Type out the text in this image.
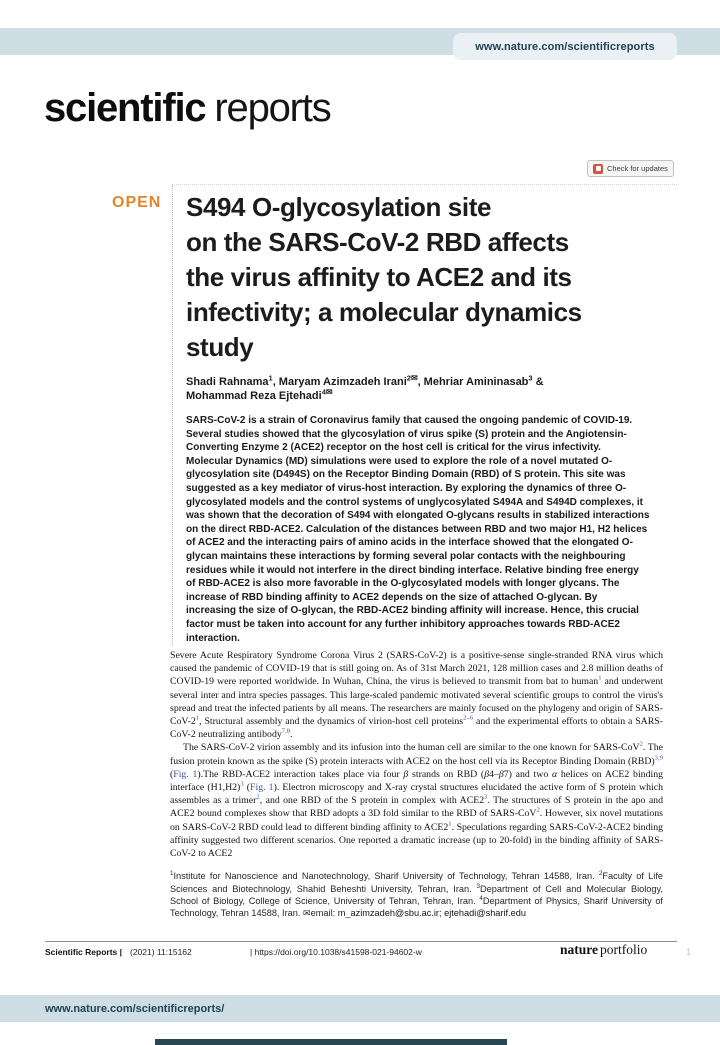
www.nature.com/scientificreports
scientific reports
Check for updates
OPEN S494 O-glycosylation site
on the SARS-CoV-2 RBD affects
the virus affinity to ACE2 and its
infectivity; a molecular dynamics
study
Shadi Rahnama$^1$, Maryam Azimzadeh Irani$^{2✉}$, Mehriar Amininasab$^3$ &
Mohammad Reza Ejtehadi$^{4✉}$
SARS-CoV-2 is a strain of Coronavirus family that caused the ongoing pandemic of COVID-19. Several studies showed that the glycosylation of virus spike (S) protein and the Angiotensin-Converting Enzyme 2 (ACE2) receptor on the host cell is critical for the virus infectivity. Molecular Dynamics (MD) simulations were used to explore the role of a novel mutated O-glycosylation site (D494S) on the Receptor Binding Domain (RBD) of S protein. This site was suggested as a key mediator of virus-host interaction. By exploring the dynamics of three O-glycosylated models and the control systems of unglycosylated S494A and S494D complexes, it was shown that the decoration of S494 with elongated O-glycans results in stabilized interactions on the direct RBD-ACE2. Calculation of the distances between RBD and two major H1, H2 helices of ACE2 and the interacting pairs of amino acids in the interface showed that the elongated O-glycan maintains these interactions by forming several polar contacts with the neighbouring residues while it would not interfere in the direct binding interface. Relative binding free energy of RBD-ACE2 is also more favorable in the O-glycosylated models with longer glycans. The increase of RBD binding affinity to ACE2 depends on the size of attached O-glycan. By increasing the size of O-glycan, the RBD-ACE2 binding affinity will increase. Hence, this crucial factor must be taken into account for any further inhibitory approaches towards RBD-ACE2 interaction.

Severe Acute Respiratory Syndrome Corona Virus 2 (SARS-CoV-2) is a positive-sense single-stranded RNA virus which caused the pandemic of COVID-19 that is still going on. As of 31st March 2021, 128 million cases and 2.8 million deaths of COVID-19 were reported worldwide. In Wuhan, China, the virus is believed to transmit from bat to human$^1$ and underwent several inter and intra species passages. This large-scaled pandemic motivated several scientific groups to control the virus's spread and treat the infected patients by all means. The researchers are mainly focused on the phylogeny and origin of SARS-$CoV-2^1$, Structural assembly and the dynamics of virion-host cell proteins$^{2-6}$ and the experimental efforts to obtain a SARS-CoV-2 neutralizing antibody$^{7,8}$.

The SARS-CoV-2 virion assembly and its infusion into the human cell are similar to the one known for SARS-CoV$^2$. The fusion protein known as the spike (S) protein interacts with ACE2 on the host cell via its Receptor Binding Domain (RBD)$^{3,9}$ (Fig. 1).The RBD-ACE2 interaction takes place via four β strands on RBD (β4–β7) and two α helices on ACE2 binding interface $(H1,H2)^3$ (Fig. 1). Electron microscopy and X-ray crystal structures elucidated the active form of S protein which assembles as a trimer$^2$, and one RBD of the S protein in complex with $ACE2^3$. The structures of S protein in the apo and ACE2 bound complexes show that RBD adopts a 3D fold similar to the RBD of SARS-CoV$^2$. However, six novel mutations on SARS-CoV-2 RBD could lead to different binding affinity to $ACE2^1$. Speculations regarding SARS-CoV-2-ACE2 binding affinity suggested two different scenarios. One reported a dramatic increase (up to 20-fold) in the binding affinity of SARS-CoV-2 to ACE2

$^1$Institute for Nanoscience and Nanotechnology, Sharif University of Technology, Tehran 14588, Iran. $^2$Faculty of Life Sciences and Biotechnology, Shahid Beheshti University, Tehran, Iran. $^3$Department of Cell and Molecular Biology, School of Biology, College of Science, University of Tehran, Tehran, Iran. $^4$Department of Physics, Sharif University of Technology, Tehran 14588, Iran. ✉email: m_azimzadeh@sbu.ac.ir; ejtehadi@sharif.edu
Scientific Reports | (2021) 11:15162	| https://doi.org/10.1038/s41598-021-94602-w	nature portfolio	1
www.nature.com/scientificreports/
